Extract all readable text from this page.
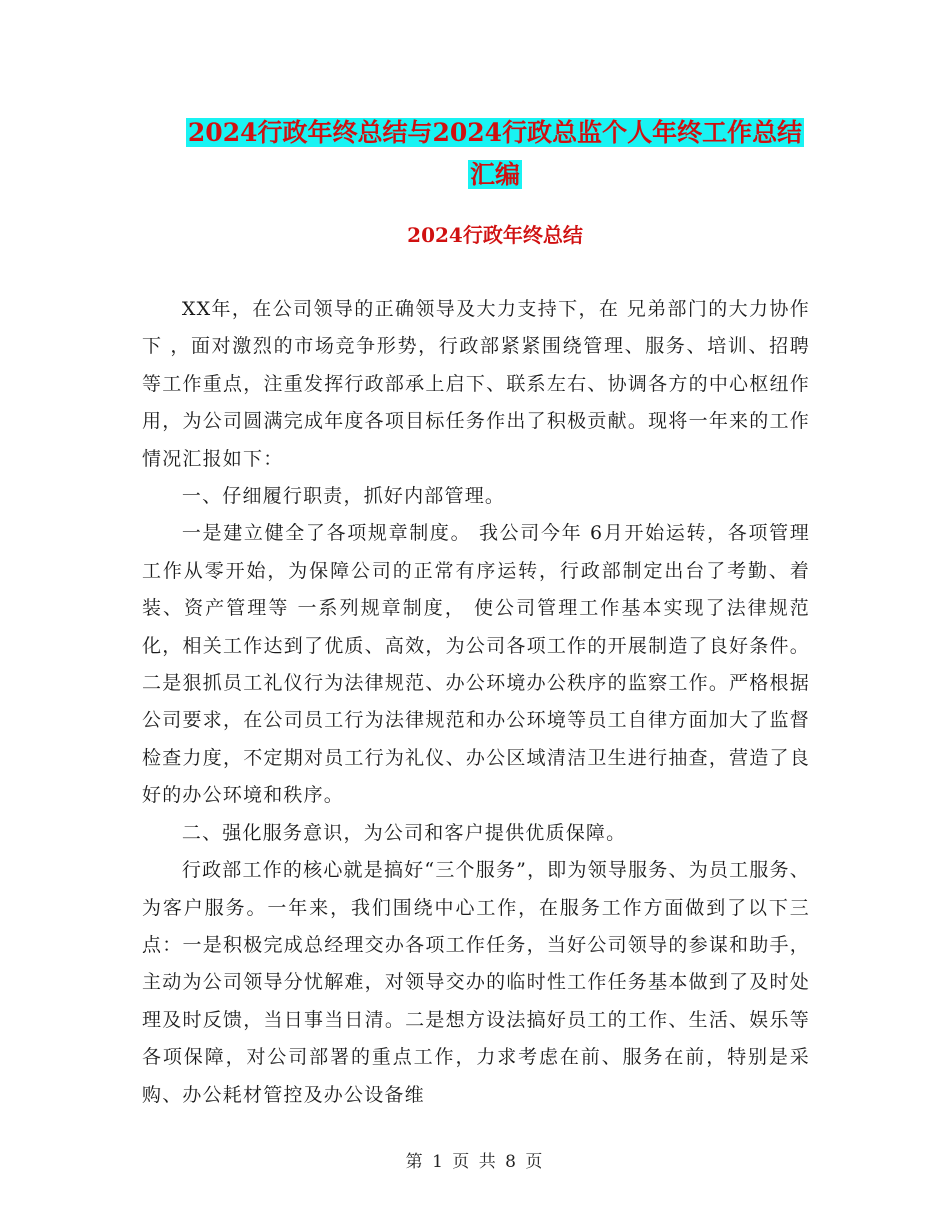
2024行政年终总结与2024行政总监个人年终工作总结
汇编
2024行政年终总结

XX年，在公司领导的正确领导及大力支持下，在 兄弟部门的大力协作下 ，面对激烈的市场竞争形势，行政部紧紧围绕管理、服务、培训、招聘等工作重点，注重发挥行政部承上启下、联系左右、协调各方的中心枢纽作用，为公司圆满完成年度各项目标任务作出了积极贡献。现将一年来的工作情况汇报如下：

一、仔细履行职责，抓好内部管理。

一是建立健全了各项规章制度。 我公司今年 6月开始运转，各项管理工作从零开始，为保障公司的正常有序运转，行政部制定出台了考勤、着装、资产管理等 一系列规章制度， 使公司管理工作基本实现了法律规范化，相关工作达到了优质、高效，为公司各项工作的开展制造了良好条件。二是狠抓员工礼仪行为法律规范、办公环境办公秩序的监察工作。严格根据公司要求，在公司员工行为法律规范和办公环境等员工自律方面加大了监督检查力度，不定期对员工行为礼仪、办公区域清洁卫生进行抽查，营造了良好的办公环境和秩序。

二、强化服务意识，为公司和客户提供优质保障。

行政部工作的核心就是搞好“三个服务”，即为领导服务、为员工服务、为客户服务。一年来，我们围绕中心工作，在服务工作方面做到了以下三点：一是积极完成总经理交办各项工作任务，当好公司领导的参谋和助手，主动为公司领导分忧解难，对领导交办的临时性工作任务基本做到了及时处理及时反馈，当日事当日清。二是想方设法搞好员工的工作、生活、娱乐等各项保障，对公司部署的重点工作，力求考虑在前、服务在前，特别是采购、办公耗材管控及办公设备维

第 1 页 共 8 页
